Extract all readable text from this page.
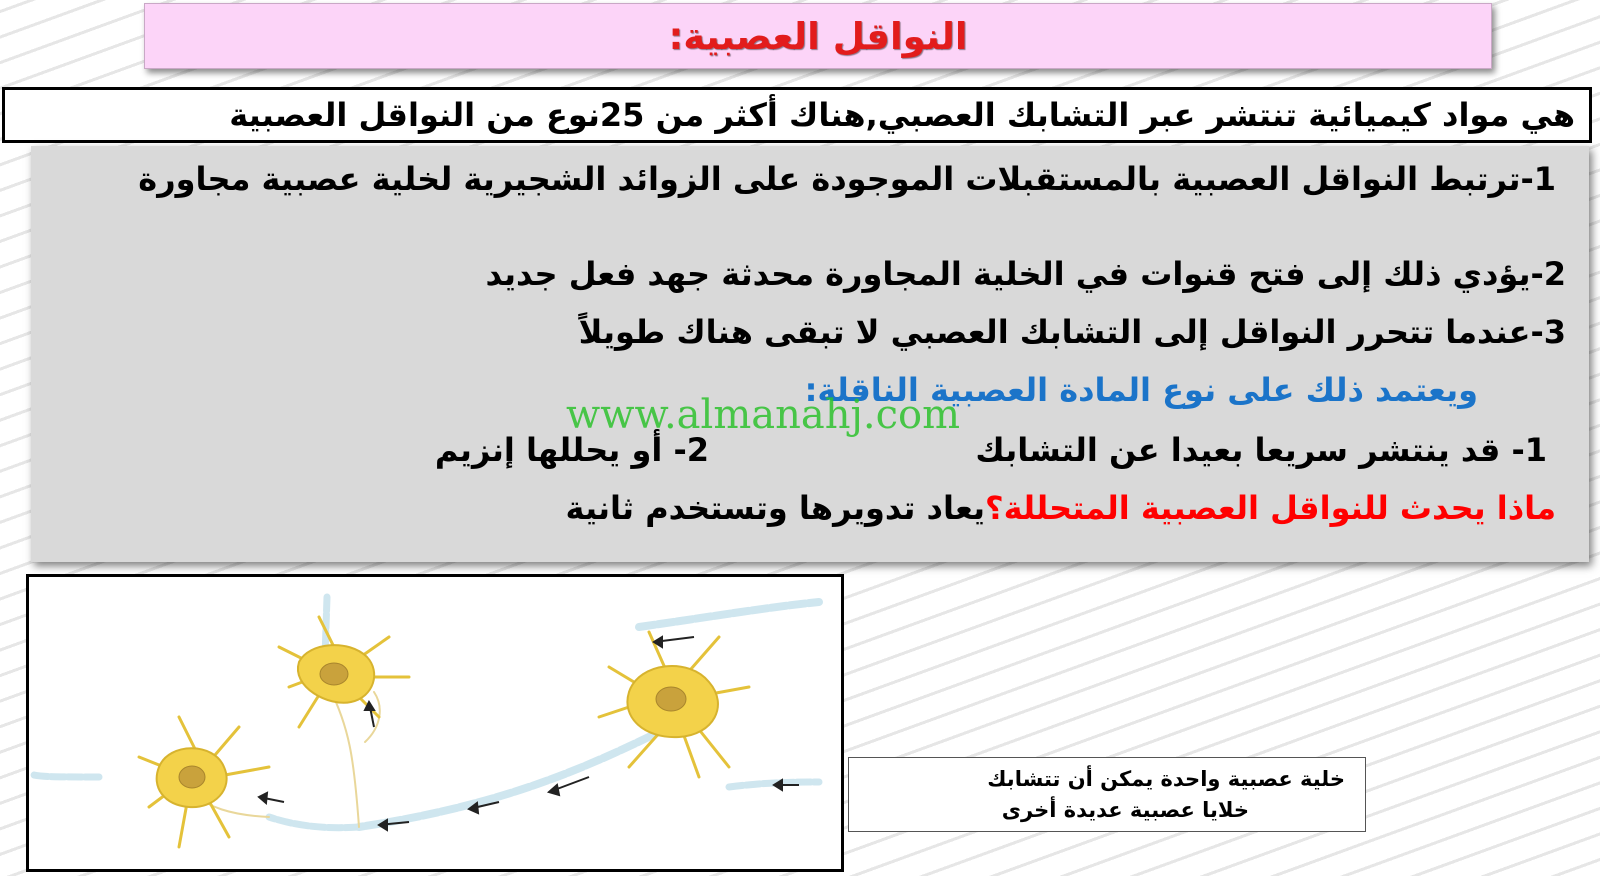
النواقل العصبية:
هي مواد كيميائية تنتشر عبر التشابك العصبي,هناك أكثر من 25نوع من النواقل العصبية
1-ترتبط النواقل العصبية بالمستقبلات الموجودة على الزوائد الشجيرية لخلية عصبية مجاورة
2-يؤدي ذلك إلى فتح قنوات في الخلية المجاورة محدثة جهد فعل جديد
3-عندما تتحرر النواقل إلى التشابك العصبي لا تبقى هناك طويلاً
ويعتمد ذلك على نوع المادة العصبية الناقلة:
1- قد ينتشر سريعا بعيدا عن التشابك
2- أو يحللها إنزيم
ماذا يحدث للنواقل العصبية المتحللة؟يعاد تدويرها وتستخدم ثانية
www.almanahj.com
خلية عصبية واحدة يمكن أن تتشابك
خلايا عصبية عديدة أخرى
